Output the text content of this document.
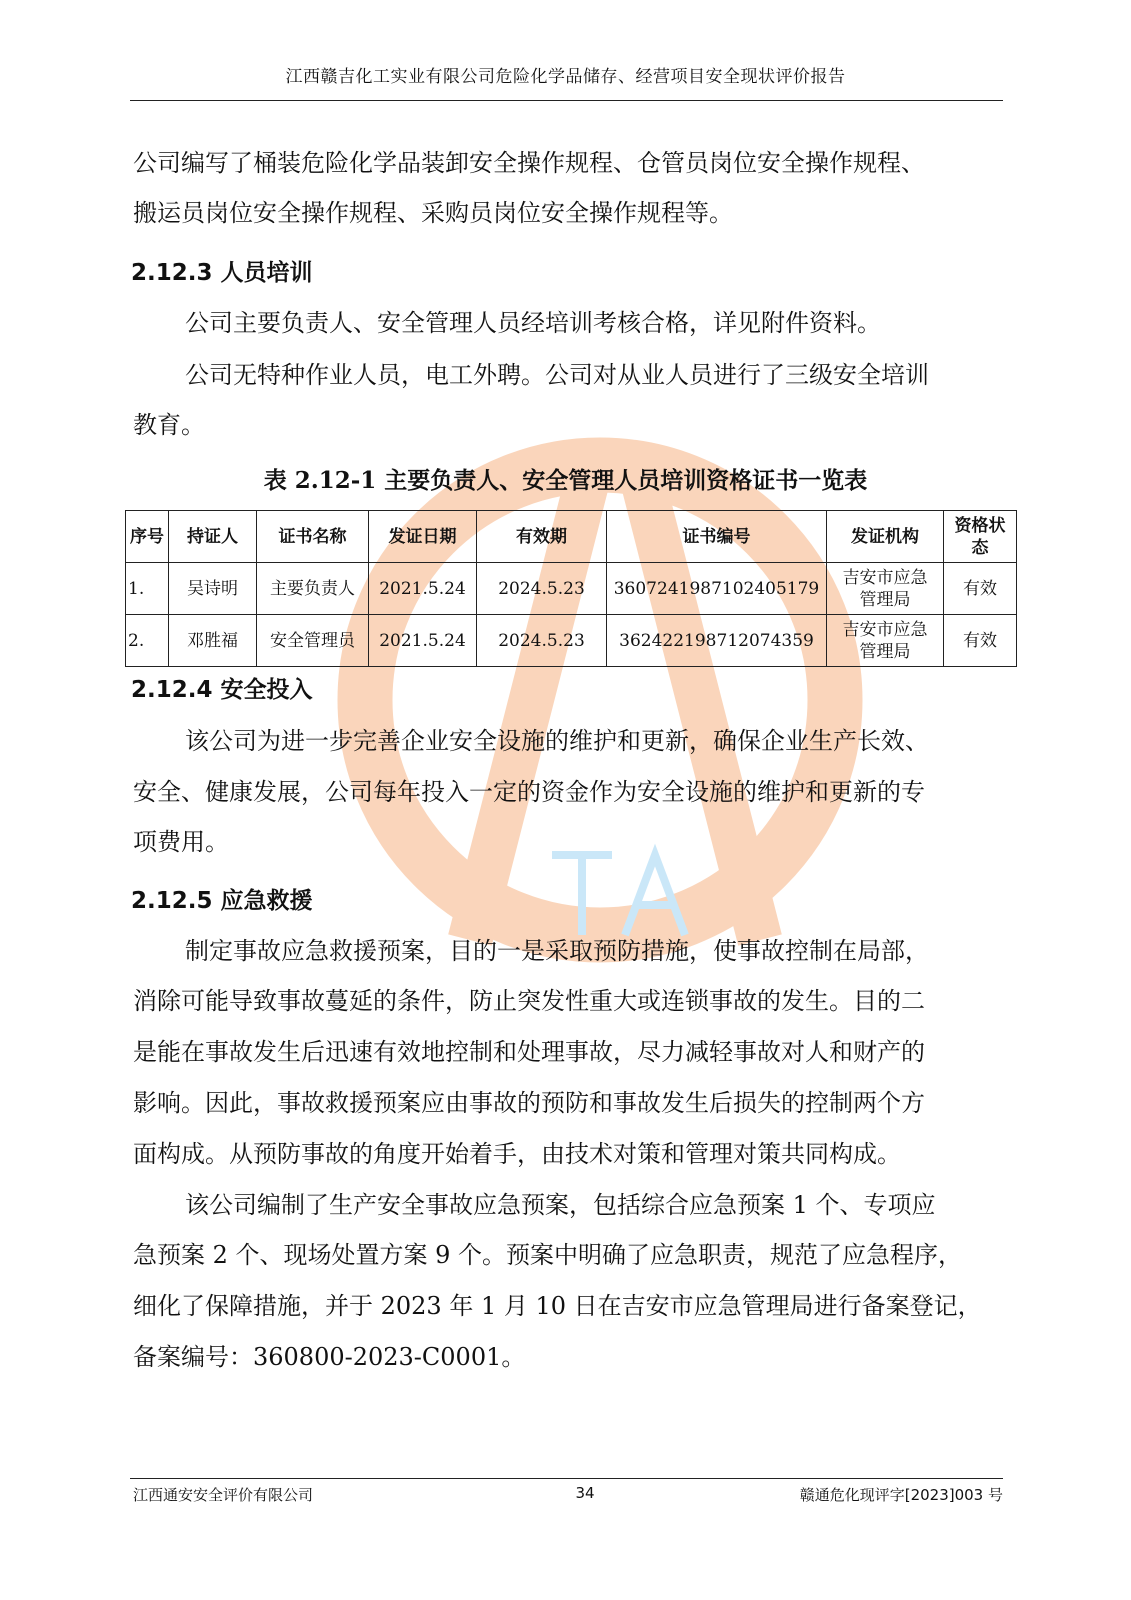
江西赣吉化工实业有限公司危险化学品储存、经营项目安全现状评价报告
公司编写了桶装危险化学品装卸安全操作规程、仓管员岗位安全操作规程、
搬运员岗位安全操作规程、采购员岗位安全操作规程等。
2.12.3 人员培训
公司主要负责人、安全管理人员经培训考核合格，详见附件资料。
公司无特种作业人员，电工外聘。公司对从业人员进行了三级安全培训
教育。
表 2.12-1 主要负责人、安全管理人员培训资格证书一览表
序号	持证人	证书名称	发证日期	有效期	证书编号	发证机构	资格状态
1.	吴诗明	主要负责人	2021.5.24	2024.5.23	360724198710240517​9	吉安市应急管理局	有效
2.	邓胜福	安全管理员	2021.5.24	2024.5.23	362422198712074359	吉安市应急管理局	有效
2.12.4 安全投入
该公司为进一步完善企业安全设施的维护和更新，确保企业生产长效、
安全、健康发展，公司每年投入一定的资金作为安全设施的维护和更新的专
项费用。
2.12.5 应急救援
制定事故应急救援预案，目的一是采取预防措施，使事故控制在局部，
消除可能导致事故蔓延的条件，防止突发性重大或连锁事故的发生。目的二
是能在事故发生后迅速有效地控制和处理事故，尽力减轻事故对人和财产的
影响。因此，事故救援预案应由事故的预防和事故发生后损失的控制两个方
面构成。从预防事故的角度开始着手，由技术对策和管理对策共同构成。
该公司编制了生产安全事故应急预案，包括综合应急预案 1 个、专项应
急预案 2 个、现场处置方案 9 个。预案中明确了应急职责，规范了应急程序，
细化了保障措施，并于 2023 年 1 月 10 日在吉安市应急管理局进行备案登记，
备案编号：360800-2023-C0001。
江西通安安全评价有限公司	34	赣通危化现评字[2023]003 号
